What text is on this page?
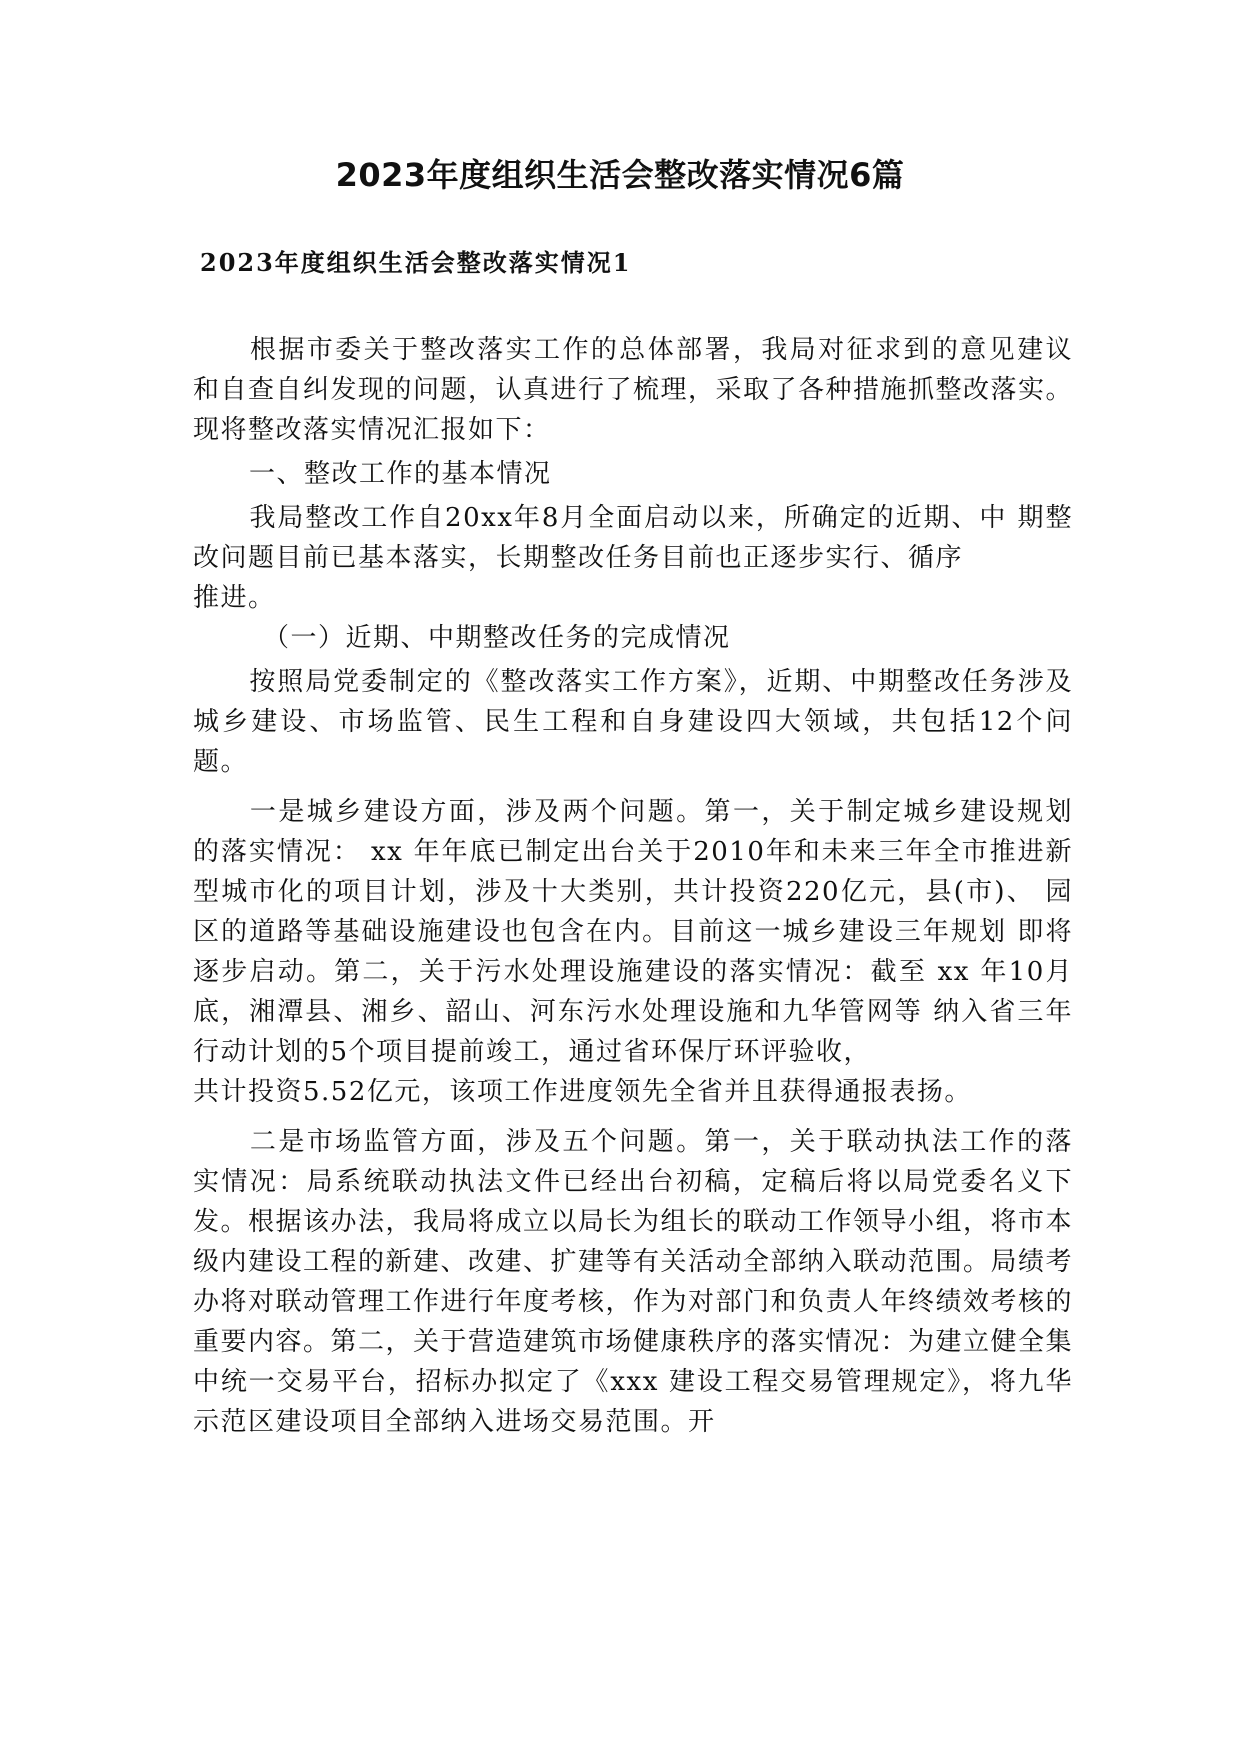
2023年度组织生活会整改落实情况6篇
2023年度组织生活会整改落实情况1

根据市委关于整改落实工作的总体部署，我局对征求到的意见建议和自查自纠发现的问题，认真进行了梳理，采取了各种措施抓整改落实。现将整改落实情况汇报如下：

一、整改工作的基本情况

我局整改工作自20xx年8月全面启动以来，所确定的近期、中 期整改问题目前已基本落实，长期整改任务目前也正逐步实行、循序

推进。

（一）近期、中期整改任务的完成情况

按照局党委制定的《整改落实工作方案》，近期、中期整改任务涉及城乡建设、市场监管、民生工程和自身建设四大领域，共包括12个问题。

一是城乡建设方面，涉及两个问题。第一，关于制定城乡建设规划的落实情况： xx 年年底已制定出台关于2010年和未来三年全市推进新型城市化的项目计划，涉及十大类别，共计投资220亿元，县(市)、 园区的道路等基础设施建设也包含在内。目前这一城乡建设三年规划 即将逐步启动。第二，关于污水处理设施建设的落实情况：截至 xx 年10月底，湘潭县、湘乡、韶山、河东污水处理设施和九华管网等 纳入省三年行动计划的5个项目提前竣工，通过省环保厅环评验收，

共计投资5.52亿元，该项工作进度领先全省并且获得通报表扬。

二是市场监管方面，涉及五个问题。第一，关于联动执法工作的落实情况：局系统联动执法文件已经出台初稿，定稿后将以局党委名义下发。根据该办法，我局将成立以局长为组长的联动工作领导小组，将市本级内建设工程的新建、改建、扩建等有关活动全部纳入联动范围。局绩考办将对联动管理工作进行年度考核，作为对部门和负责人年终绩效考核的重要内容。第二，关于营造建筑市场健康秩序的落实情况：为建立健全集中统一交易平台，招标办拟定了《xxx 建设工程交易管理规定》，将九华示范区建设项目全部纳入进场交易范围。开
